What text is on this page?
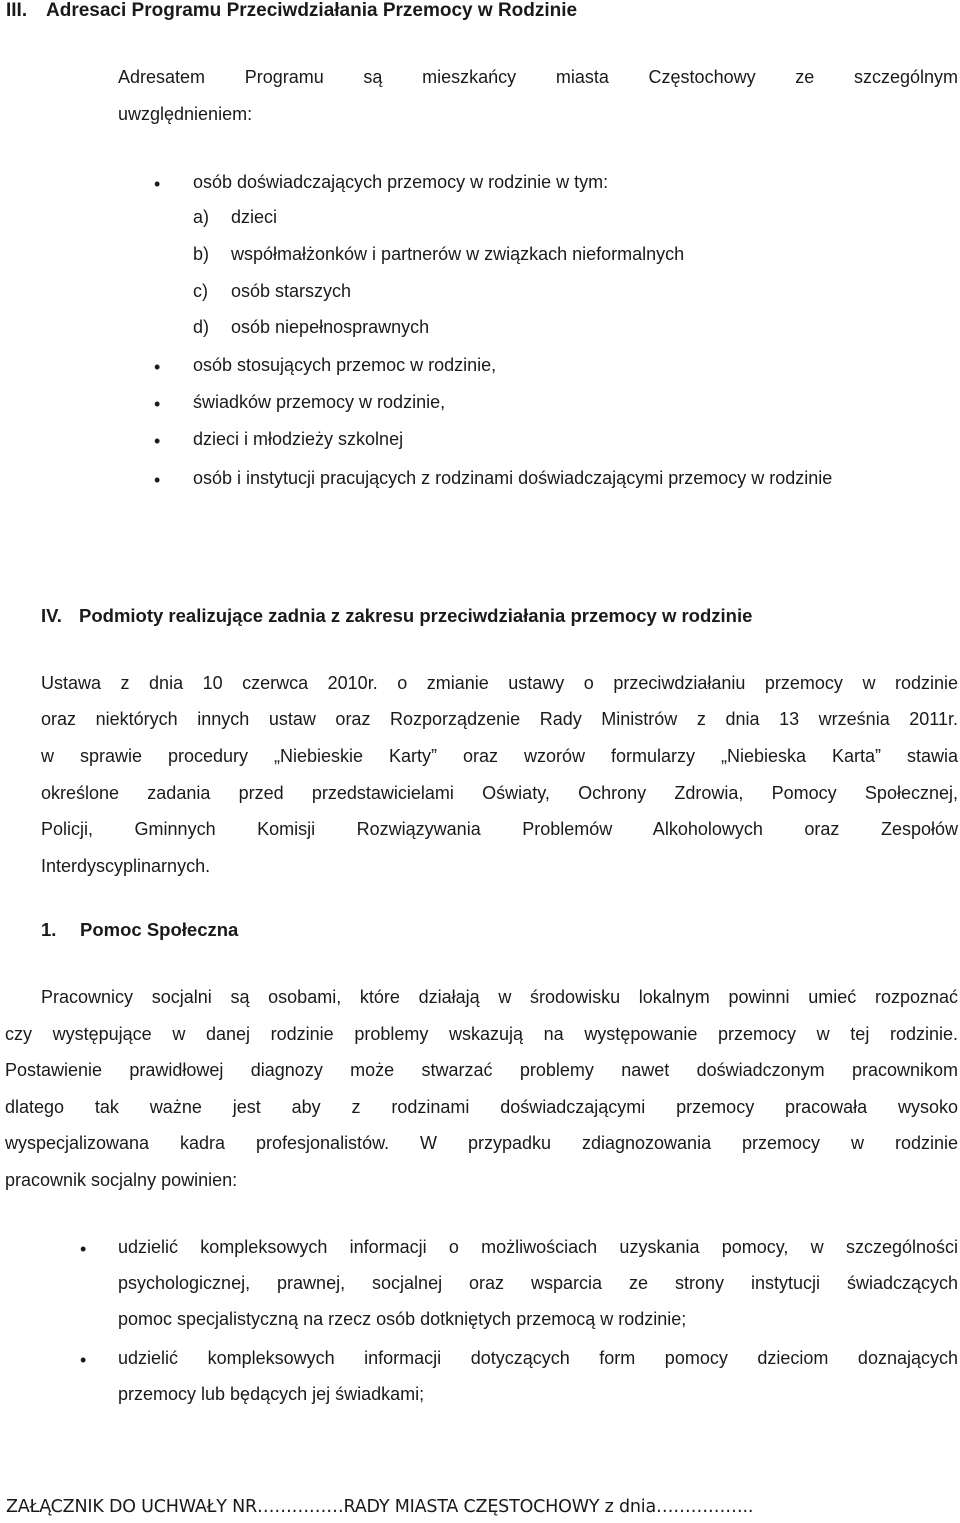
III. Adresaci Programu Przeciwdziałania Przemocy w Rodzinie
Adresatem Programu są mieszkańcy miasta Częstochowy ze szczególnym
uwzględnieniem:
• osób doświadczających przemocy w rodzinie w tym:
a) dzieci
b) współmałżonków i partnerów w związkach nieformalnych
c) osób starszych
d) osób niepełnosprawnych
• osób stosujących przemoc w rodzinie,
• świadków przemocy w rodzinie,
• dzieci i młodzieży szkolnej
• osób i instytucji pracujących z rodzinami doświadczającymi przemocy w rodzinie
IV. Podmioty realizujące zadnia z zakresu przeciwdziałania przemocy w rodzinie
Ustawa z dnia 10 czerwca 2010r. o zmianie ustawy o przeciwdziałaniu przemocy w rodzinie
oraz niektórych innych ustaw oraz Rozporządzenie Rady Ministrów z dnia 13 września 2011r.
w sprawie procedury „Niebieskie Karty” oraz wzorów formularzy „Niebieska Karta” stawia
określone zadania przed przedstawicielami Oświaty, Ochrony Zdrowia, Pomocy Społecznej,
Policji, Gminnych Komisji Rozwiązywania Problemów Alkoholowych oraz Zespołów
Interdyscyplinarnych.
1. Pomoc Społeczna
Pracownicy socjalni są osobami, które działają w środowisku lokalnym powinni umieć rozpoznać
czy występujące w danej rodzinie problemy wskazują na występowanie przemocy w tej rodzinie.
Postawienie prawidłowej diagnozy może stwarzać problemy nawet doświadczonym pracownikom
dlatego tak ważne jest aby z rodzinami doświadczającymi przemocy pracowała wysoko
wyspecjalizowana kadra profesjonalistów. W przypadku zdiagnozowania przemocy w rodzinie
pracownik socjalny powinien:
• udzielić kompleksowych informacji o możliwościach uzyskania pomocy, w szczególności
psychologicznej, prawnej, socjalnej oraz wsparcia ze strony instytucji świadczących
pomoc specjalistyczną na rzecz osób dotkniętych przemocą w rodzinie;
• udzielić kompleksowych informacji dotyczących form pomocy dzieciom doznających
przemocy lub będących jej świadkami;
ZAŁĄCZNIK DO UCHWAŁY NR……………RADY MIASTA CZĘSTOCHOWY z dnia……………..
